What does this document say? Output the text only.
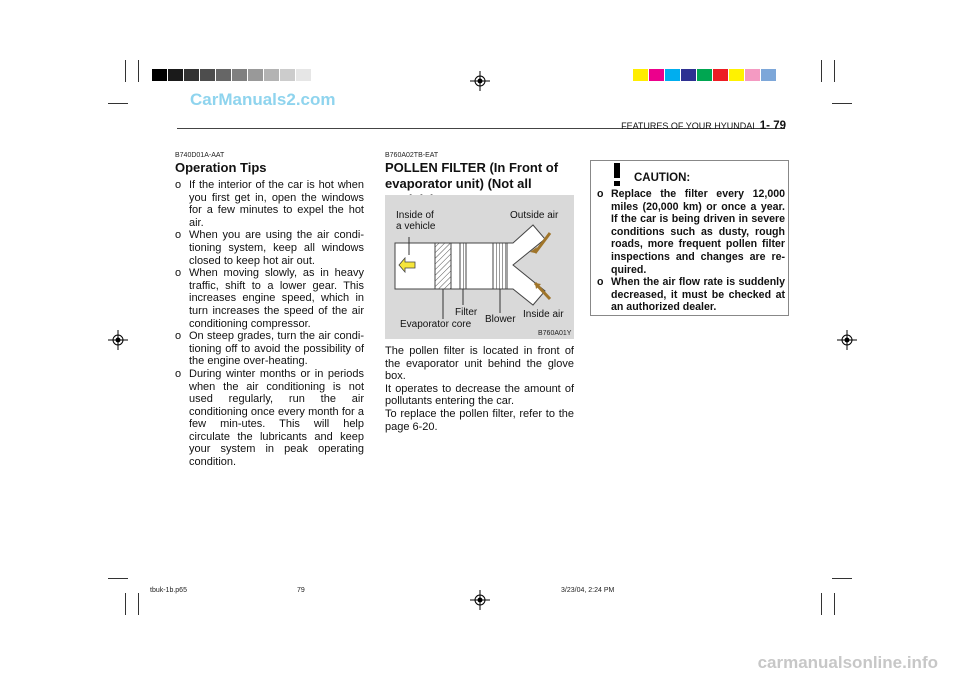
CarManuals2.com
carmanualsonline.info
FEATURES OF YOUR HYUNDAI 1- 79
B740D01A-AAT
Operation Tips
o If the interior of the car is hot when you first get in, open the windows for a few minutes to expel the hot air.
o When you are using the air condi-tioning system, keep all windows closed to keep hot air out.
o When moving slowly, as in heavy traffic, shift to a lower gear. This increases engine speed, which in turn increases the speed of the air conditioning compressor.
o On steep grades, turn the air condi-tioning off to avoid the possibility of the engine over-heating.
o During winter months or in periods when the air conditioning is not used regularly, run the air conditioning once every month for a few min-utes. This will help circulate the lubricants and keep your system in peak operating condition.
B760A02TB-EAT
POLLEN FILTER (In Front of
evaporator unit) (Not all
Inside of
a vehicle
Outside air
Filter
Evaporator core Blower Inside air
B760A01Y
The pollen filter is located in front of the evaporator unit behind the glove box.
It operates to decrease the amount of pollutants entering the car.
To replace the pollen filter, refer to the page 6-20.
CAUTION:
o Replace the filter every 12,000 miles (20,000 km) or once a year. If the car is being driven in severe conditions such as dusty, rough roads, more frequent pollen filter inspections and changes are re-quired.
o When the air flow rate is suddenly decreased, it must be checked at an authorized dealer.
tbuk-1b.p65	79	3/23/04, 2:24 PM
